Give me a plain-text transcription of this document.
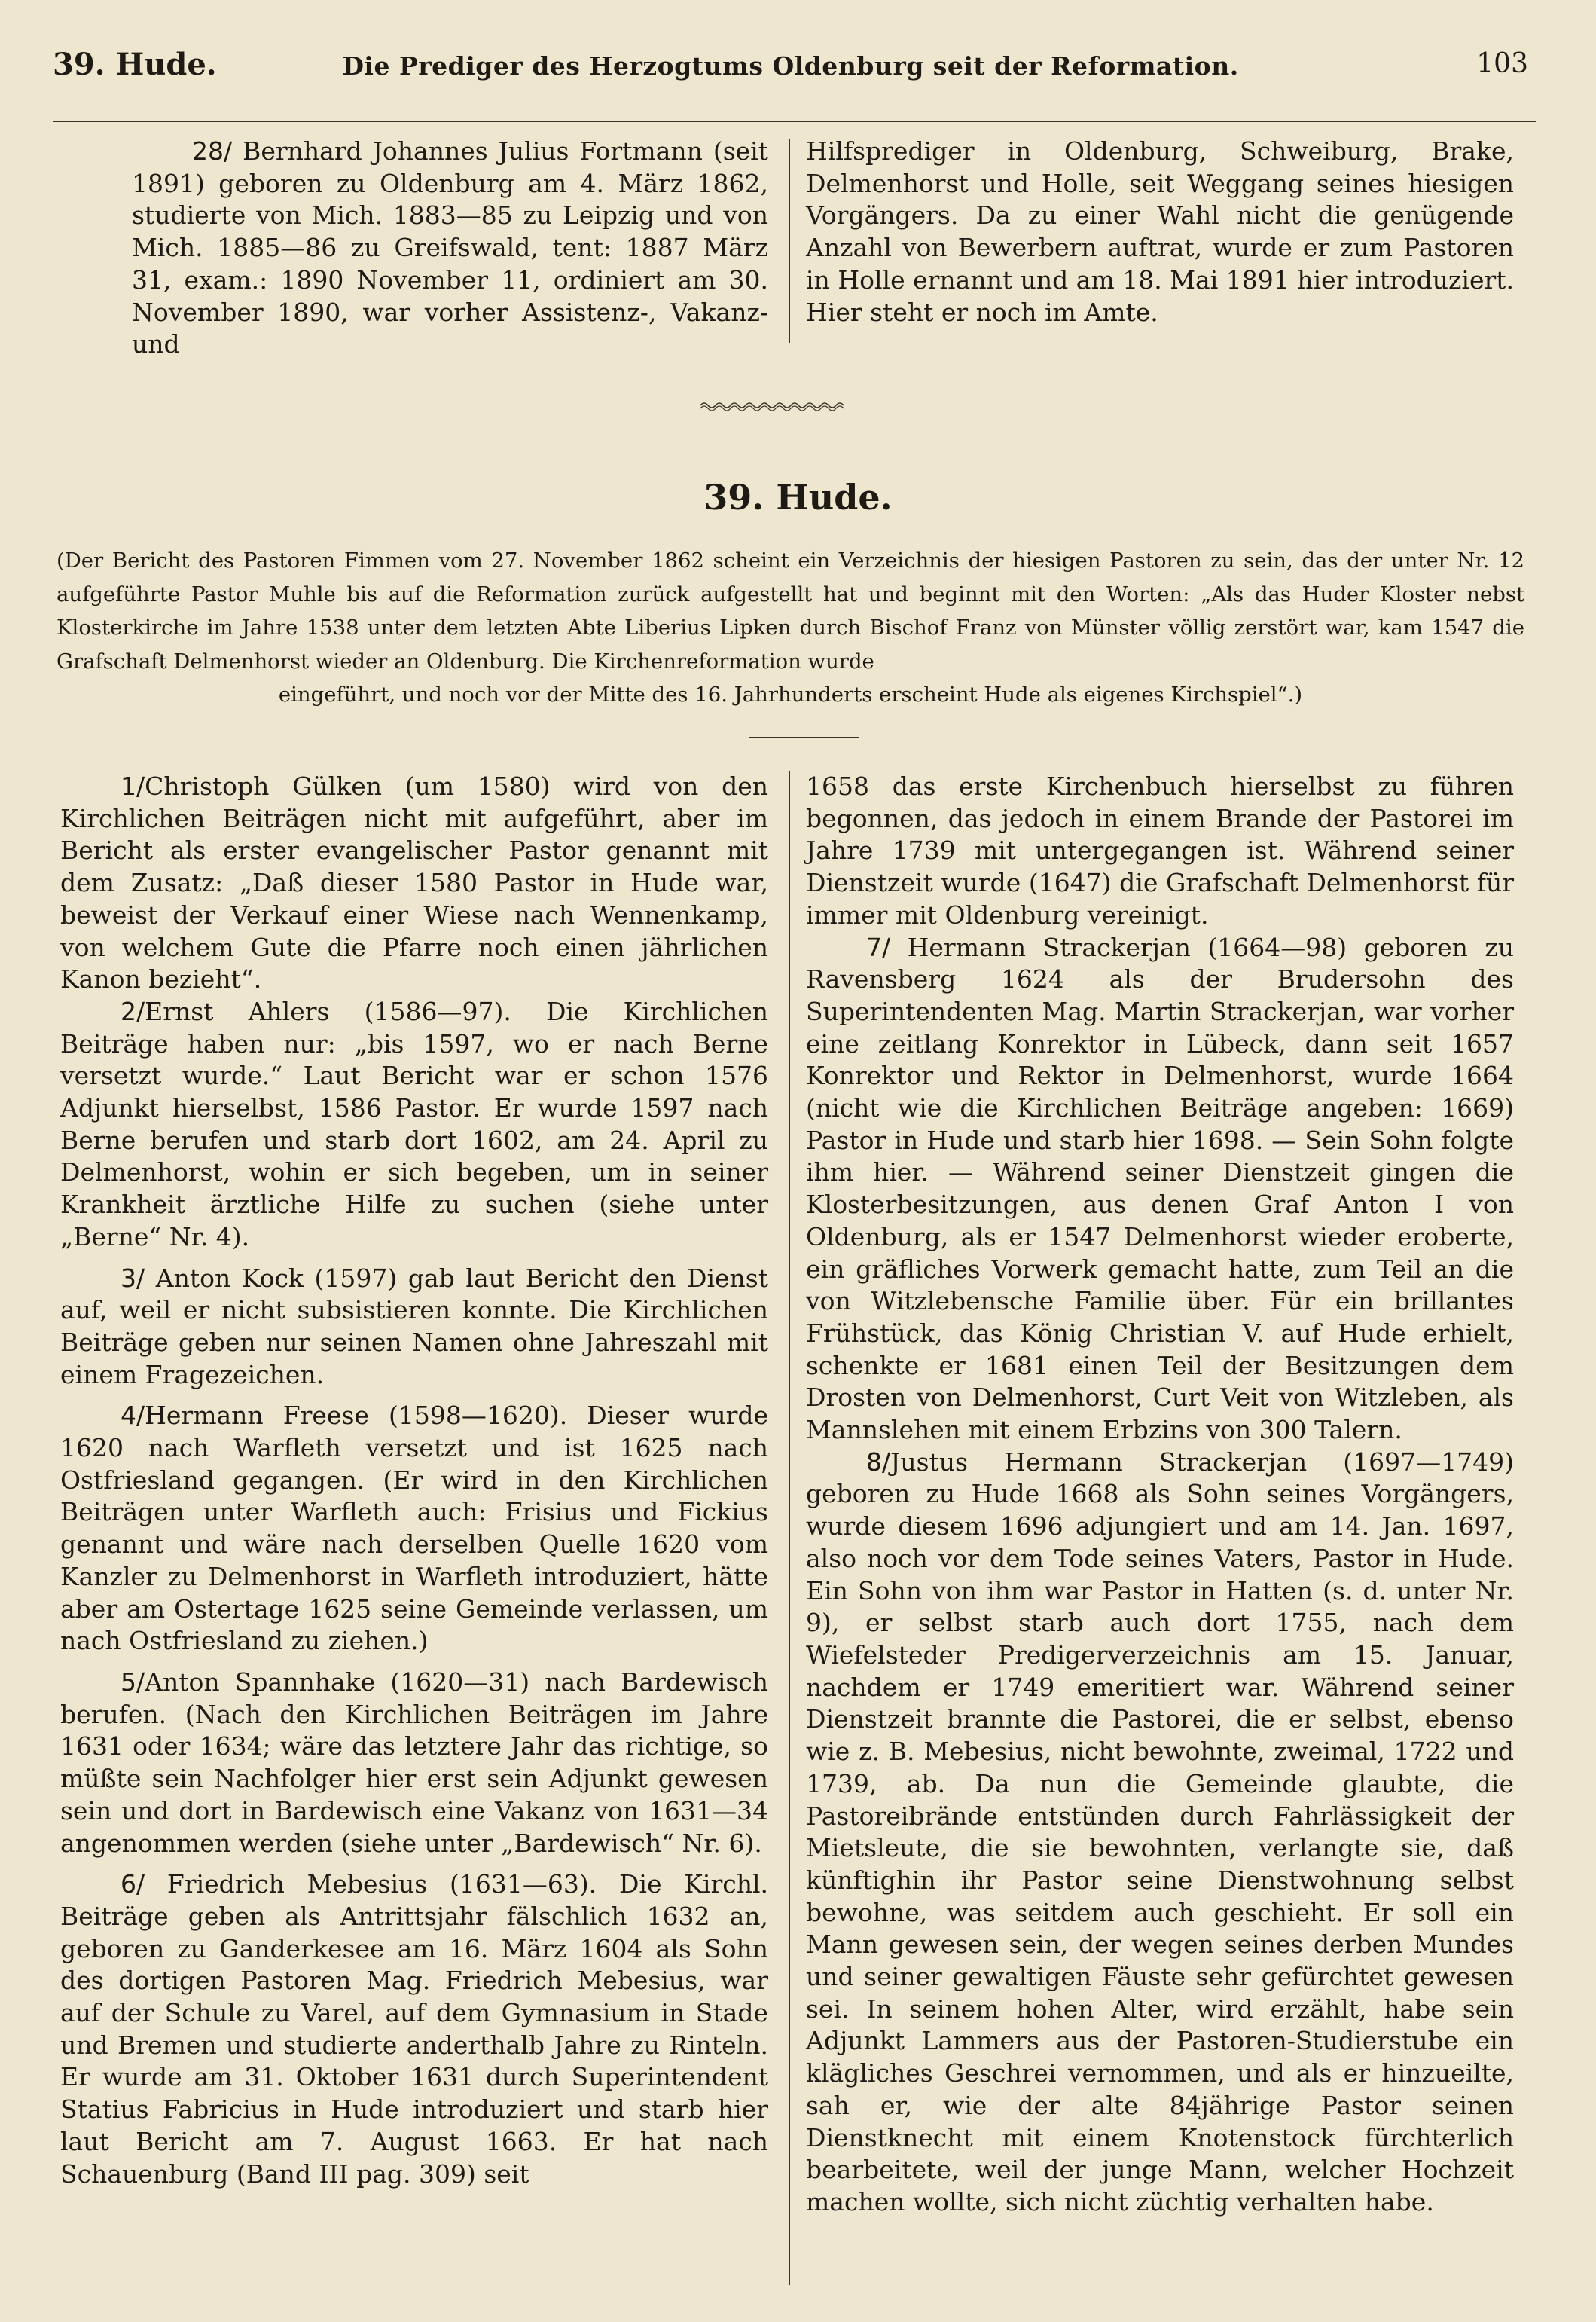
39. Hude.	Die Prediger des Herzogtums Oldenburg seit der Reformation.	103

28/ Bernhard Johannes Julius Fortmann (seit 1891) geboren zu Oldenburg am 4. März 1862, studierte von Mich. 1883—85 zu Leipzig und von Mich. 1885—86 zu Greifswald, tent: 1887 März 31, exam.: 1890 November 11, ordiniert am 30. November 1890, war vorher Assistenz-, Vakanz- und

Hilfsprediger in Oldenburg, Schweiburg, Brake, Delmenhorst und Holle, seit Weggang seines hiesigen Vorgängers. Da zu einer Wahl nicht die genügende Anzahl von Bewerbern auftrat, wurde er zum Pastoren in Holle ernannt und am 18. Mai 1891 hier introduziert. Hier steht er noch im Amte.

39. Hude.

(Der Bericht des Pastoren Fimmen vom 27. November 1862 scheint ein Verzeichnis der hiesigen Pastoren zu sein, das der unter Nr. 12 aufgeführte Pastor Muhle bis auf die Reformation zurück aufgestellt hat und beginnt mit den Worten: „Als das Huder Kloster nebst Klosterkirche im Jahre 1538 unter dem letzten Abte Liberius Lipken durch Bischof Franz von Münster völlig zerstört war, kam 1547 die Grafschaft Delmenhorst wieder an Oldenburg. Die Kirchenreformation wurde

eingeführt, und noch vor der Mitte des 16. Jahrhunderts erscheint Hude als eigenes Kirchspiel“.)

1/Christoph Gülken (um 1580) wird von den Kirchlichen Beiträgen nicht mit aufgeführt, aber im Bericht als erster evangelischer Pastor genannt mit dem Zusatz: „Daß dieser 1580 Pastor in Hude war, beweist der Verkauf einer Wiese nach Wennenkamp, von welchem Gute die Pfarre noch einen jährlichen Kanon bezieht“.

2/Ernst Ahlers (1586—97). Die Kirchlichen Beiträge haben nur: „bis 1597, wo er nach Berne versetzt wurde.“ Laut Bericht war er schon 1576 Adjunkt hierselbst, 1586 Pastor. Er wurde 1597 nach Berne berufen und starb dort 1602, am 24. April zu Delmenhorst, wohin er sich begeben, um in seiner Krankheit ärztliche Hilfe zu suchen (siehe unter „Berne“ Nr. 4).

3/ Anton Kock (1597) gab laut Bericht den Dienst auf, weil er nicht subsistieren konnte. Die Kirchlichen Beiträge geben nur seinen Namen ohne Jahreszahl mit einem Fragezeichen.

4/Hermann Freese (1598—1620). Dieser wurde 1620 nach Warfleth versetzt und ist 1625 nach Ostfriesland gegangen. (Er wird in den Kirchlichen Beiträgen unter Warfleth auch: Frisius und Fickius genannt und wäre nach derselben Quelle 1620 vom Kanzler zu Delmenhorst in Warfleth introduziert, hätte aber am Ostertage 1625 seine Gemeinde verlassen, um nach Ostfriesland zu ziehen.)

5/Anton Spannhake (1620—31) nach Bardewisch berufen. (Nach den Kirchlichen Beiträgen im Jahre 1631 oder 1634; wäre das letztere Jahr das richtige, so müßte sein Nachfolger hier erst sein Adjunkt gewesen sein und dort in Bardewisch eine Vakanz von 1631—34 angenommen werden (siehe unter „Bardewisch“ Nr. 6).

6/ Friedrich Mebesius (1631—63). Die Kirchl. Beiträge geben als Antrittsjahr fälschlich 1632 an, geboren zu Ganderkesee am 16. März 1604 als Sohn des dortigen Pastoren Mag. Friedrich Mebesius, war auf der Schule zu Varel, auf dem Gymnasium in Stade und Bremen und studierte anderthalb Jahre zu Rinteln. Er wurde am 31. Oktober 1631 durch Superintendent Statius Fabricius in Hude introduziert und starb hier laut Bericht am 7. August 1663. Er hat nach Schauenburg (Band III pag. 309) seit

1658 das erste Kirchenbuch hierselbst zu führen begonnen, das jedoch in einem Brande der Pastorei im Jahre 1739 mit untergegangen ist. Während seiner Dienstzeit wurde (1647) die Grafschaft Delmenhorst für immer mit Oldenburg vereinigt.

7/ Hermann Strackerjan (1664—98) geboren zu Ravensberg 1624 als der Brudersohn des Superintendenten Mag. Martin Strackerjan, war vorher eine zeitlang Konrektor in Lübeck, dann seit 1657 Konrektor und Rektor in Delmenhorst, wurde 1664 (nicht wie die Kirchlichen Beiträge angeben: 1669) Pastor in Hude und starb hier 1698. — Sein Sohn folgte ihm hier. — Während seiner Dienstzeit gingen die Klosterbesitzungen, aus denen Graf Anton I von Oldenburg, als er 1547 Delmenhorst wieder eroberte, ein gräfliches Vorwerk gemacht hatte, zum Teil an die von Witzlebensche Familie über. Für ein brillantes Frühstück, das König Christian V. auf Hude erhielt, schenkte er 1681 einen Teil der Besitzungen dem Drosten von Delmenhorst, Curt Veit von Witzleben, als Mannslehen mit einem Erbzins von 300 Talern.

8/Justus Hermann Strackerjan (1697—1749) geboren zu Hude 1668 als Sohn seines Vorgängers, wurde diesem 1696 adjungiert und am 14. Jan. 1697, also noch vor dem Tode seines Vaters, Pastor in Hude. Ein Sohn von ihm war Pastor in Hatten (s. d. unter Nr. 9), er selbst starb auch dort 1755, nach dem Wiefelsteder Predigerverzeichnis am 15. Januar, nachdem er 1749 emeritiert war. Während seiner Dienstzeit brannte die Pastorei, die er selbst, ebenso wie z. B. Mebesius, nicht bewohnte, zweimal, 1722 und 1739, ab. Da nun die Gemeinde glaubte, die Pastoreibrände entstünden durch Fahrlässigkeit der Mietsleute, die sie bewohnten, verlangte sie, daß künftighin ihr Pastor seine Dienstwohnung selbst bewohne, was seitdem auch geschieht. Er soll ein Mann gewesen sein, der wegen seines derben Mundes und seiner gewaltigen Fäuste sehr gefürchtet gewesen sei. In seinem hohen Alter, wird erzählt, habe sein Adjunkt Lammers aus der Pastoren-Studierstube ein klägliches Geschrei vernommen, und als er hinzueilte, sah er, wie der alte 84jährige Pastor seinen Dienstknecht mit einem Knotenstock fürchterlich bearbeitete, weil der junge Mann, welcher Hochzeit machen wollte, sich nicht züchtig verhalten habe.
